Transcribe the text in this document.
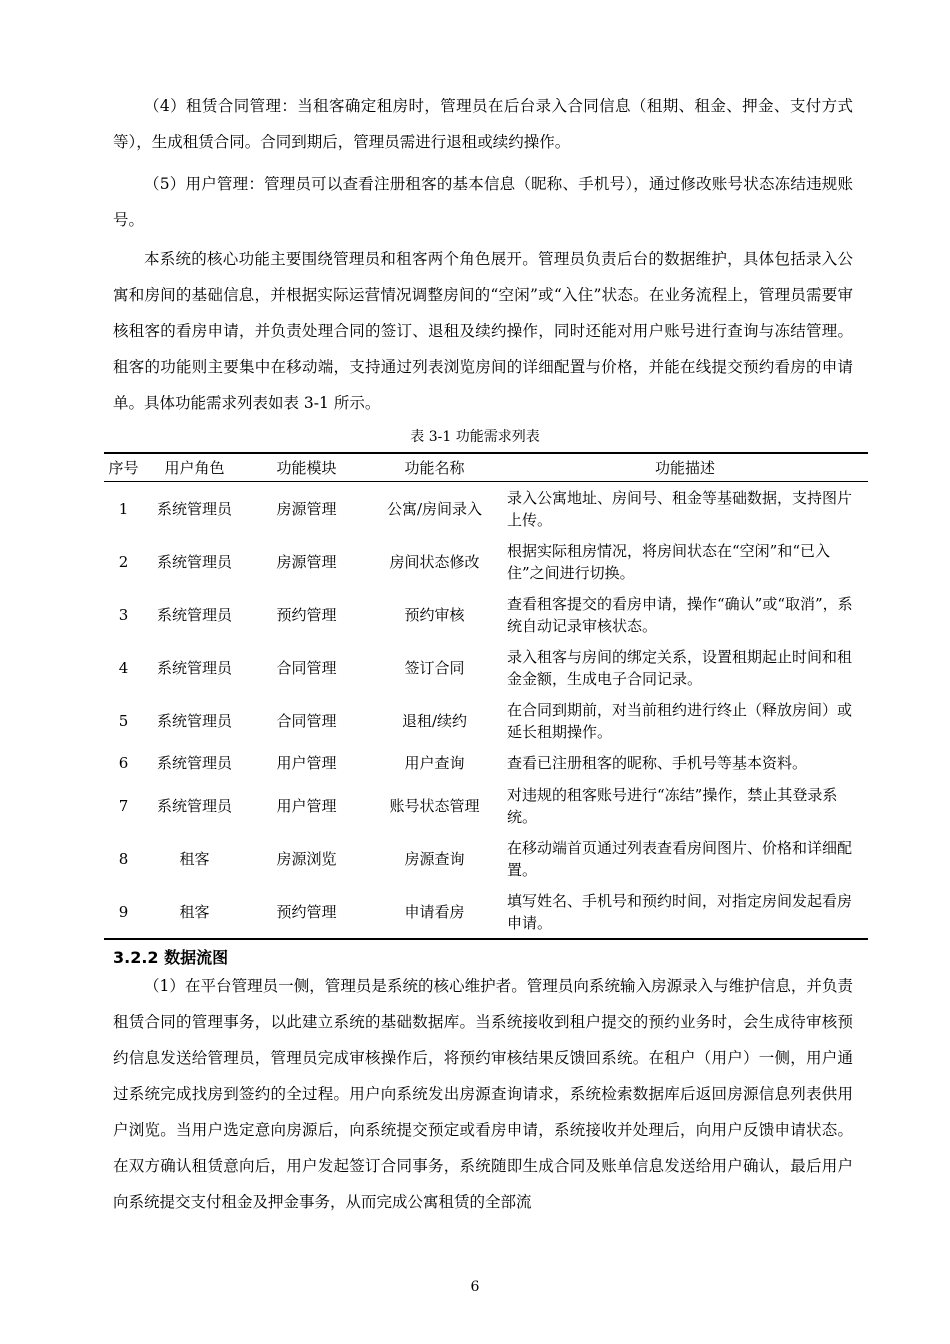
（4）租赁合同管理：当租客确定租房时，管理员在后台录入合同信息（租期、租金、押金、支付方式等），生成租赁合同。合同到期后，管理员需进行退租或续约操作。

（5）用户管理：管理员可以查看注册租客的基本信息（昵称、手机号），通过修改账号状态冻结违规账号。

本系统的核心功能主要围绕管理员和租客两个角色展开。管理员负责后台的数据维护，具体包括录入公寓和房间的基础信息，并根据实际运营情况调整房间的“空闲”或“入住”状态。在业务流程上，管理员需要审核租客的看房申请，并负责处理合同的签订、退租及续约操作，同时还能对用户账号进行查询与冻结管理。租客的功能则主要集中在移动端，支持通过列表浏览房间的详细配置与价格，并能在线提交预约看房的申请单。具体功能需求列表如表 3-1 所示。

表 3-1 功能需求列表
序号	用户角色	功能模块	功能名称	功能描述
1	系统管理员	房源管理	公寓/房间录入	录入公寓地址、房间号、租金等基础数据，支持图片上传。
2	系统管理员	房源管理	房间状态修改	根据实际租房情况，将房间状态在“空闲”和“已入住”之间进行切换。
3	系统管理员	预约管理	预约审核	查看租客提交的看房申请，操作“确认”或“取消”，系统自动记录审核状态。
4	系统管理员	合同管理	签订合同	录入租客与房间的绑定关系，设置租期起止时间和租金金额，生成电子合同记录。
5	系统管理员	合同管理	退租/续约	在合同到期前，对当前租约进行终止（释放房间）或延长租期操作。
6	系统管理员	用户管理	用户查询	查看已注册租客的昵称、手机号等基本资料。
7	系统管理员	用户管理	账号状态管理	对违规的租客账号进行“冻结”操作，禁止其登录系统。
8	租客	房源浏览	房源查询	在移动端首页通过列表查看房间图片、价格和详细配置。
9	租客	预约管理	申请看房	填写姓名、手机号和预约时间，对指定房间发起看房申请。
3.2.2 数据流图

（1）在平台管理员一侧，管理员是系统的核心维护者。管理员向系统输入房源录入与维护信息，并负责租赁合同的管理事务，以此建立系统的基础数据库。当系统接收到租户提交的预约业务时，会生成待审核预约信息发送给管理员，管理员完成审核操作后，将预约审核结果反馈回系统。在租户（用户）一侧，用户通过系统完成找房到签约的全过程。用户向系统发出房源查询请求，系统检索数据库后返回房源信息列表供用户浏览。当用户选定意向房源后，向系统提交预定或看房申请，系统接收并处理后，向用户反馈申请状态。在双方确认租赁意向后，用户发起签订合同事务，系统随即生成合同及账单信息发送给用户确认，最后用户向系统提交支付租金及押金事务，从而完成公寓租赁的全部流

6
